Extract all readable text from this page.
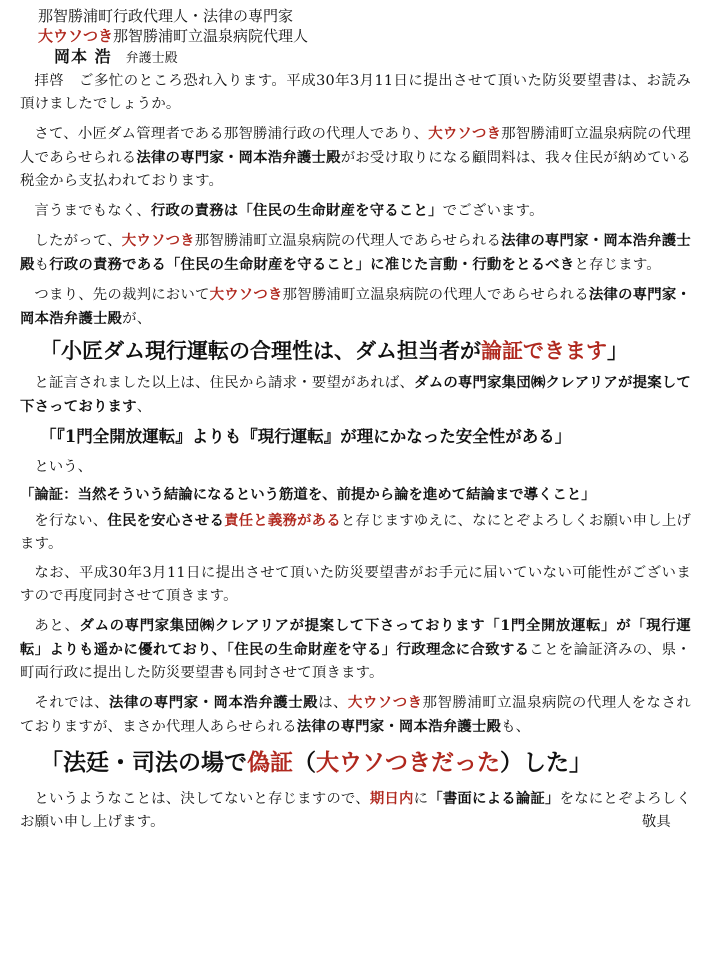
那智勝浦町行政代理人・法律の専門家
大ウソつき那智勝浦町立温泉病院代理人
岡本 浩 弁護士殿

拝啓　ご多忙のところ恐れ入ります。平成30年3月11日に提出させて頂いた防災要望書は、お読み頂けましたでしょうか。

さて、小匠ダム管理者である那智勝浦行政の代理人であり、大ウソつき那智勝浦町立温泉病院の代理人であらせられる法律の専門家・岡本浩弁護士殿がお受け取りになる顧問料は、我々住民が納めている税金から支払われております。

言うまでもなく、行政の責務は「住民の生命財産を守ること」でございます。

したがって、大ウソつき那智勝浦町立温泉病院の代理人であらせられる法律の専門家・岡本浩弁護士殿も行政の責務である「住民の生命財産を守ること」に准じた言動・行動をとるべきと存じます。

つまり、先の裁判において大ウソつき那智勝浦町立温泉病院の代理人であらせられる法律の専門家・岡本浩弁護士殿が、

「小匠ダム現行運転の合理性は、ダム担当者が論証できます」

と証言されました以上は、住民から請求・要望があれば、ダムの専門家集団㈱クレアリアが提案して下さっております、

「『1門全開放運転』よりも『現行運転』が理にかなった安全性がある」
という、
「論証：当然そういう結論になるという筋道を、前提から論を進めて結論まで導くこと」

を行ない、住民を安心させる責任と義務があると存じますゆえに、なにとぞよろしくお願い申し上げます。

なお、平成30年3月11日に提出させて頂いた防災要望書がお手元に届いていない可能性がございますので再度同封させて頂きます。

あと、ダムの専門家集団㈱クレアリアが提案して下さっております「1門全開放運転」が「現行運転」よりも遥かに優れており、「住民の生命財産を守る」行政理念に合致することを論証済みの、県・町両行政に提出した防災要望書も同封させて頂きます。

それでは、法律の専門家・岡本浩弁護士殿は、大ウソつき那智勝浦町立温泉病院の代理人をなされておりますが、まさか代理人あらせられる法律の専門家・岡本浩弁護士殿も、

「法廷・司法の場で偽証（大ウソつきだった）した」

というようなことは、決してないと存じますので、期日内に「書面による論証」をなにとぞよろしくお願い申し上げます。	敬具
